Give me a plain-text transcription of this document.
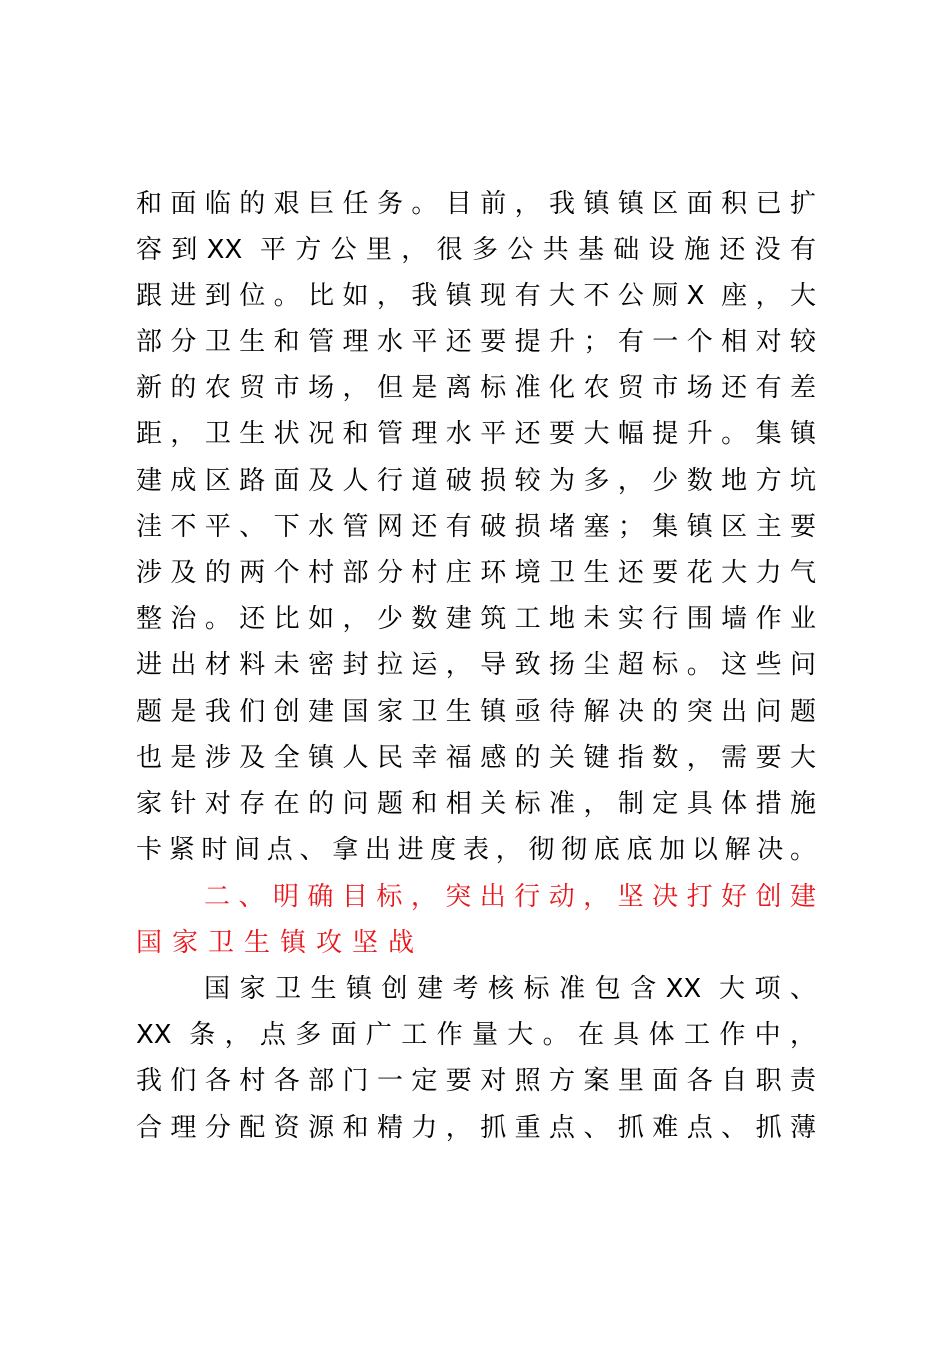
和面临的艰巨任务。目前，我镇镇区面积已扩
容到XX 平方公里，很多公共基础设施还没有
跟进到位。比如，我镇现有大不公厕X 座，大
部分卫生和管理水平还要提升；有一个相对较
新的农贸市场，但是离标准化农贸市场还有差
距，卫生状况和管理水平还要大幅提升。集镇
建成区路面及人行道破损较为多，少数地方坑
洼不平、下水管网还有破损堵塞；集镇区主要
涉及的两个村部分村庄环境卫生还要花大力气
整治。还比如，少数建筑工地未实行围墙作业
进出材料未密封拉运，导致扬尘超标。这些问
题是我们创建国家卫生镇亟待解决的突出问题
也是涉及全镇人民幸福感的关键指数，需要大
家针对存在的问题和相关标准，制定具体措施
卡紧时间点、拿出进度表，彻彻底底加以解决。
二、明确目标，突出行动，坚决打好创建
国家卫生镇攻坚战
国家卫生镇创建考核标准包含XX 大项、
XX 条，点多面广工作量大。在具体工作中，
我们各村各部门一定要对照方案里面各自职责
合理分配资源和精力，抓重点、抓难点、抓薄
